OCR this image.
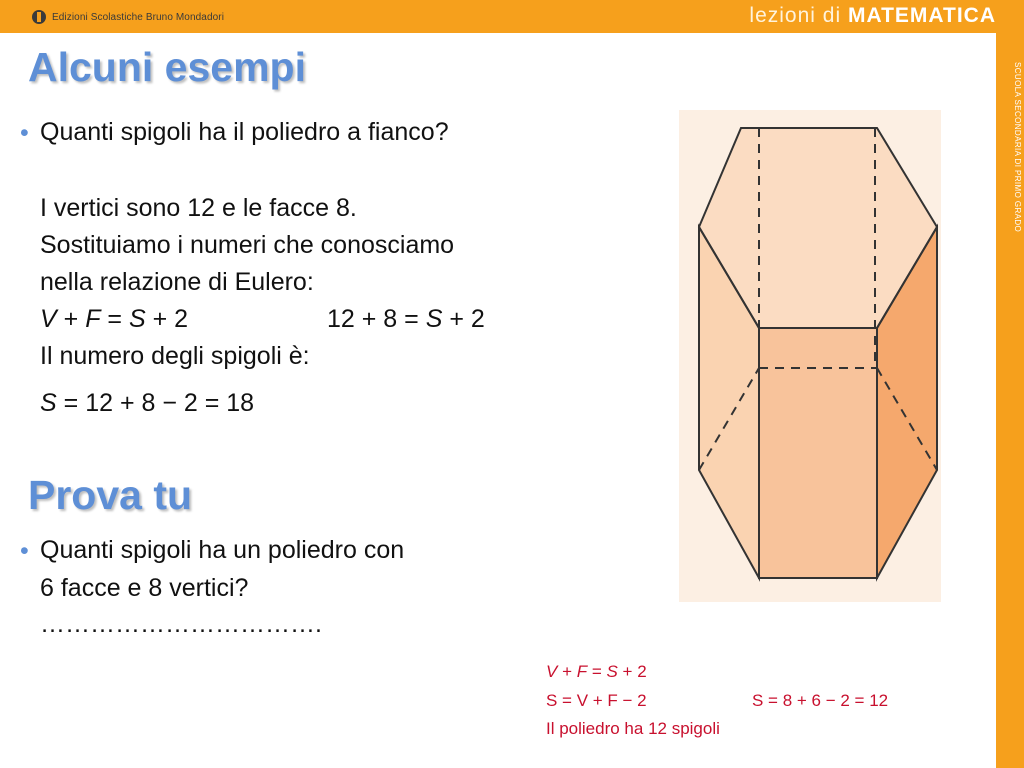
Edizioni Scolastiche Bruno Mondadori	lezioni di MATEMATICA
SCUOLA SECONDARIA DI PRIMO GRADO
Alcuni esempi
• Quanti spigoli ha il poliedro a fianco?
I vertici sono 12 e le facce 8.
Sostituiamo i numeri che conosciamo
nella relazione di Eulero:
V + F = S + 2	12 + 8 = S + 2
Il numero degli spigoli è:
S = 12 + 8 − 2 = 18
Prova tu
• Quanti spigoli ha un poliedro con
6 facce e 8 vertici?
…………………………….
V + F = S + 2
S = V + F − 2	S = 8 + 6 − 2 = 12
Il poliedro ha 12 spigoli
